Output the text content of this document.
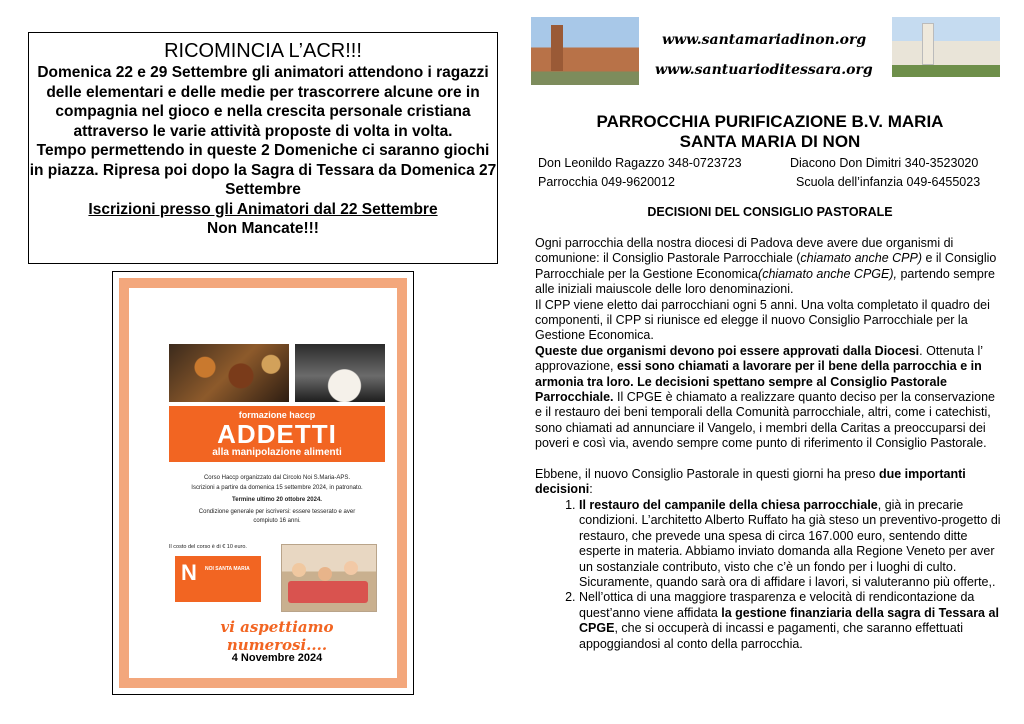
RICOMINCIA L’ACR!!!

Domenica 22 e 29 Settembre gli animatori attendono i ragazzi delle elementari e delle medie per trascorrere alcune ore in compagnia nel gioco e nella crescita personale cristiana attraverso le varie attività proposte di volta in volta.

Tempo permettendo in queste 2 Domeniche ci saranno giochi in piazza. Ripresa poi dopo la Sagra di Tessara da Domenica 27 Settembre

Iscrizioni presso gli Animatori dal 22 Settembre

Non Mancate!!!

formazione haccp
ADDETTI
alla manipolazione alimenti
Corso Haccp organizzato dal Circolo Noi S.Maria-APS.
Iscrizioni a partire da domenica 15 settembre 2024, in patronato.
Termine ultimo 20 ottobre 2024.
Condizione generale per iscriversi: essere tesserato e aver compiuto 16 anni.
Il costo del corso è di € 10 euro.
N NOI SANTA MARIA
vi aspettiamo numerosi....
4 Novembre 2024
www.santamariadinon.org
www.santuarioditessara.org
PARROCCHIA PURIFICAZIONE B.V. MARIA
SANTA MARIA DI NON
Don Leonildo Ragazzo 348-0723723	Diacono Don Dimitri 340-3523020
Parrocchia 049-9620012	Scuola dell’infanzia 049-6455023
DECISIONI DEL CONSIGLIO PASTORALE

Ogni parrocchia della nostra diocesi di Padova deve avere due organismi di comunione: il Consiglio Pastorale Parrocchiale (chiamato anche CPP) e il Consiglio Parrocchiale per la Gestione Economica(chiamato anche CPGE), partendo sempre alle iniziali maiuscole delle loro denominazioni.

Il CPP viene eletto dai parrocchiani ogni 5 anni. Una volta completato il quadro dei componenti, il CPP si riunisce ed elegge il nuovo Consiglio Parrocchiale per la Gestione Economica.

Queste due organismi devono poi essere approvati dalla Diocesi. Ottenuta l’ approvazione, essi sono chiamati a lavorare per il bene della parrocchia e in armonia tra loro. Le decisioni spettano sempre al Consiglio Pastorale Parrocchiale. Il CPGE è chiamato a realizzare quanto deciso per la conservazione e il restauro dei beni temporali della Comunità parrocchiale, altri, come i catechisti, sono chiamati ad annunciare il Vangelo, i membri della Caritas a preoccuparsi dei poveri e così via, avendo sempre come punto di riferimento il Consiglio Pastorale.

Ebbene, il nuovo Consiglio Pastorale in questi giorni ha preso due importanti decisioni:

1. Il restauro del campanile della chiesa parrocchiale, già in precarie condizioni. L’architetto Alberto Ruffato ha già steso un preventivo-progetto di restauro, che prevede una spesa di circa 167.000 euro, sentendo ditte esperte in materia. Abbiamo inviato domanda alla Regione Veneto per aver un sostanziale contributo, visto che c’è un fondo per i luoghi di culto. Sicuramente, quando sarà ora di affidare i lavori, si valuteranno più offerte,.
2. Nell’ottica di una maggiore trasparenza e velocità di rendicontazione da quest’anno viene affidata la gestione finanziaria della sagra di Tessara al CPGE, che si occuperà di incassi e pagamenti, che saranno effettuati appoggiandosi al conto della parrocchia.
